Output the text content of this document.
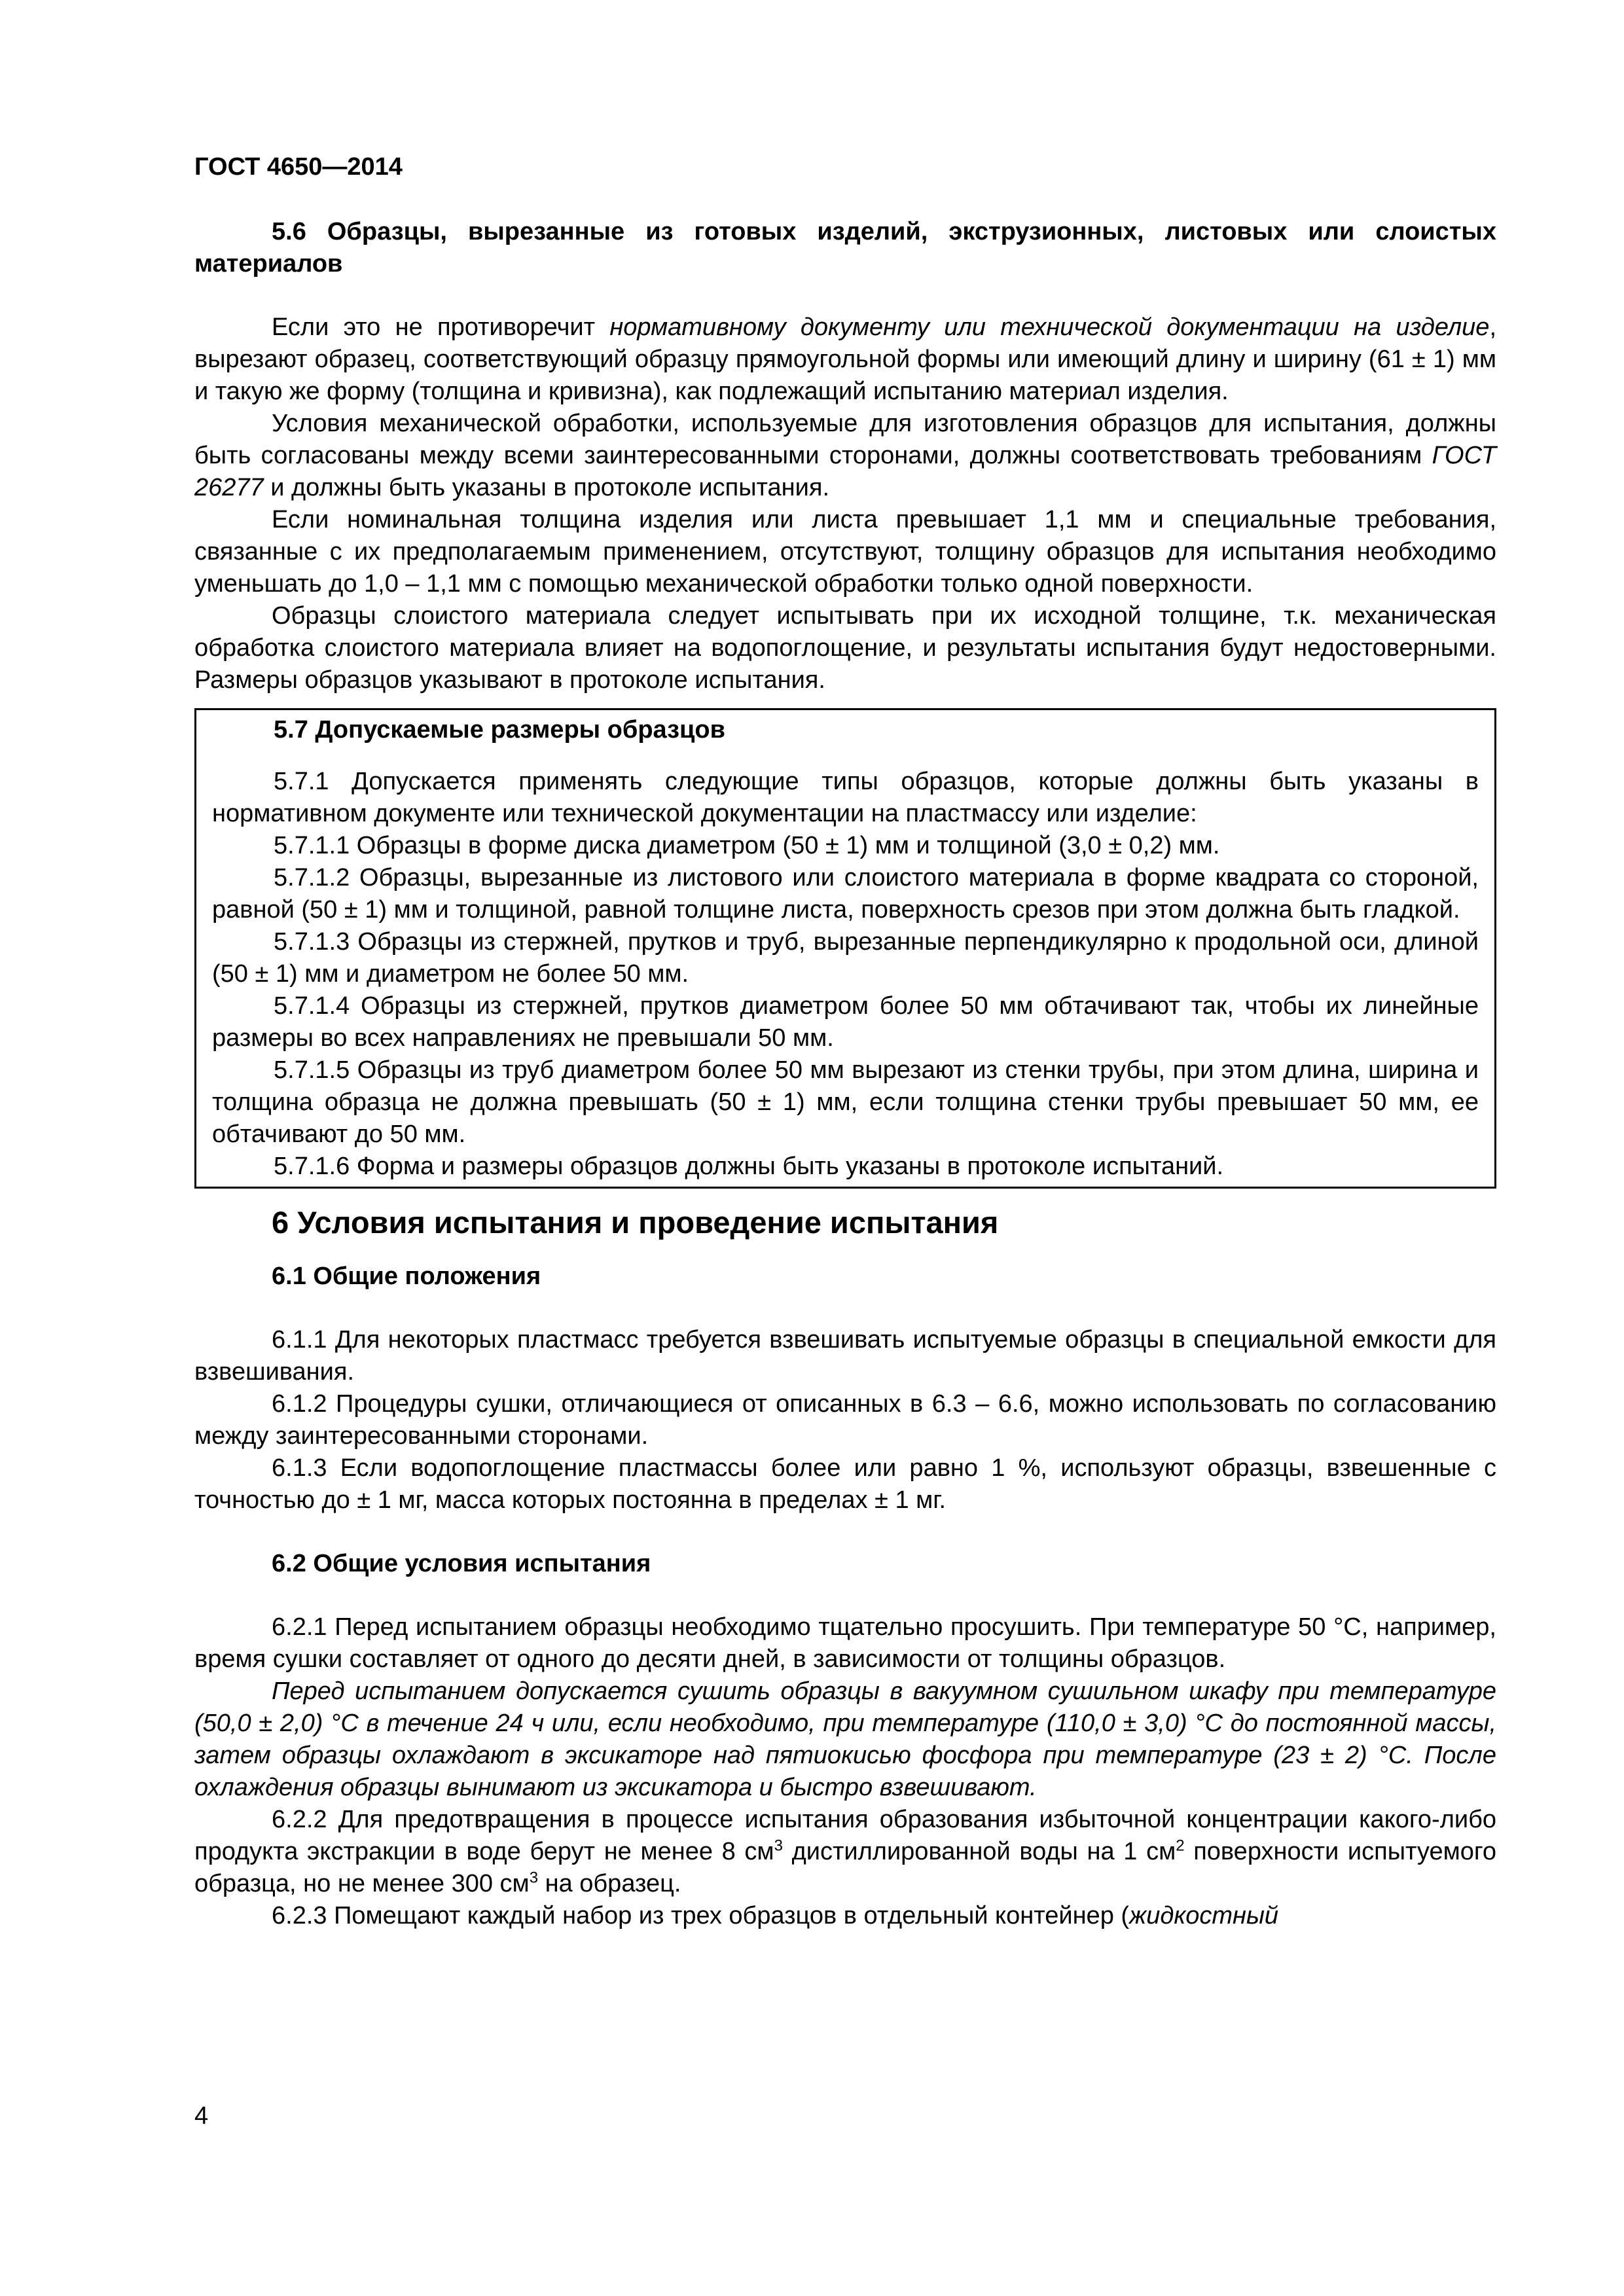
ГОСТ 4650—2014

5.6 Образцы, вырезанные из готовых изделий, экструзионных, листовых или слоистых материалов

Если это не противоречит нормативному документу или технической документации на изделие, вырезают образец, соответствующий образцу прямоугольной формы или имеющий длину и ширину (61 ± 1) мм и такую же форму (толщина и кривизна), как подлежащий испытанию материал изделия.

Условия механической обработки, используемые для изготовления образцов для испытания, должны быть согласованы между всеми заинтересованными сторонами, должны соответствовать требованиям ГОСТ 26277 и должны быть указаны в протоколе испытания.

Если номинальная толщина изделия или листа превышает 1,1 мм и специальные требования, связанные с их предполагаемым применением, отсутствуют, толщину образцов для испытания необходимо уменьшать до 1,0 – 1,1 мм с помощью механической обработки только одной поверхности.

Образцы слоистого материала следует испытывать при их исходной толщине, т.к. механическая обработка слоистого материала влияет на водопоглощение, и результаты испытания будут недостоверными. Размеры образцов указывают в протоколе испытания.

5.7 Допускаемые размеры образцов

5.7.1 Допускается применять следующие типы образцов, которые должны быть указаны в нормативном документе или технической документации на пластмассу или изделие:

5.7.1.1 Образцы в форме диска диаметром (50 ± 1) мм и толщиной (3,0 ± 0,2) мм.

5.7.1.2 Образцы, вырезанные из листового или слоистого материала в форме квадрата со стороной, равной (50 ± 1) мм и толщиной, равной толщине листа, поверхность срезов при этом должна быть гладкой.

5.7.1.3 Образцы из стержней, прутков и труб, вырезанные перпендикулярно к продольной оси, длиной (50 ± 1) мм и диаметром не более 50 мм.

5.7.1.4 Образцы из стержней, прутков диаметром более 50 мм обтачивают так, чтобы их линейные размеры во всех направлениях не превышали 50 мм.

5.7.1.5 Образцы из труб диаметром более 50 мм вырезают из стенки трубы, при этом длина, ширина и толщина образца не должна превышать (50 ± 1) мм, если толщина стенки трубы превышает 50 мм, ее обтачивают до 50 мм.

5.7.1.6 Форма и размеры образцов должны быть указаны в протоколе испытаний.

6 Условия испытания и проведение испытания
6.1 Общие положения

6.1.1 Для некоторых пластмасс требуется взвешивать испытуемые образцы в специальной емкости для взвешивания.

6.1.2 Процедуры сушки, отличающиеся от описанных в 6.3 – 6.6, можно использовать по согласованию между заинтересованными сторонами.

6.1.3 Если водопоглощение пластмассы более или равно 1 %, используют образцы, взвешенные с точностью до ± 1 мг, масса которых постоянна в пределах ± 1 мг.

6.2 Общие условия испытания

6.2.1 Перед испытанием образцы необходимо тщательно просушить. При температуре 50 °С, например, время сушки составляет от одного до десяти дней, в зависимости от толщины образцов.

Перед испытанием допускается сушить образцы в вакуумном сушильном шкафу при температуре (50,0 ± 2,0) °С в течение 24 ч или, если необходимо, при температуре (110,0 ± 3,0) °С до постоянной массы, затем образцы охлаждают в эксикаторе над пятиокисью фосфора при температуре (23 ± 2) °С. После охлаждения образцы вынимают из эксикатора и быстро взвешивают.

6.2.2 Для предотвращения в процессе испытания образования избыточной концентрации какого-либо продукта экстракции в воде берут не менее 8 $см^3$ дистиллированной воды на 1 $см^2$ поверхности испытуемого образца, но не менее 300 $см^3$ на образец.

6.2.3 Помещают каждый набор из трех образцов в отдельный контейнер (жидкостный

4
